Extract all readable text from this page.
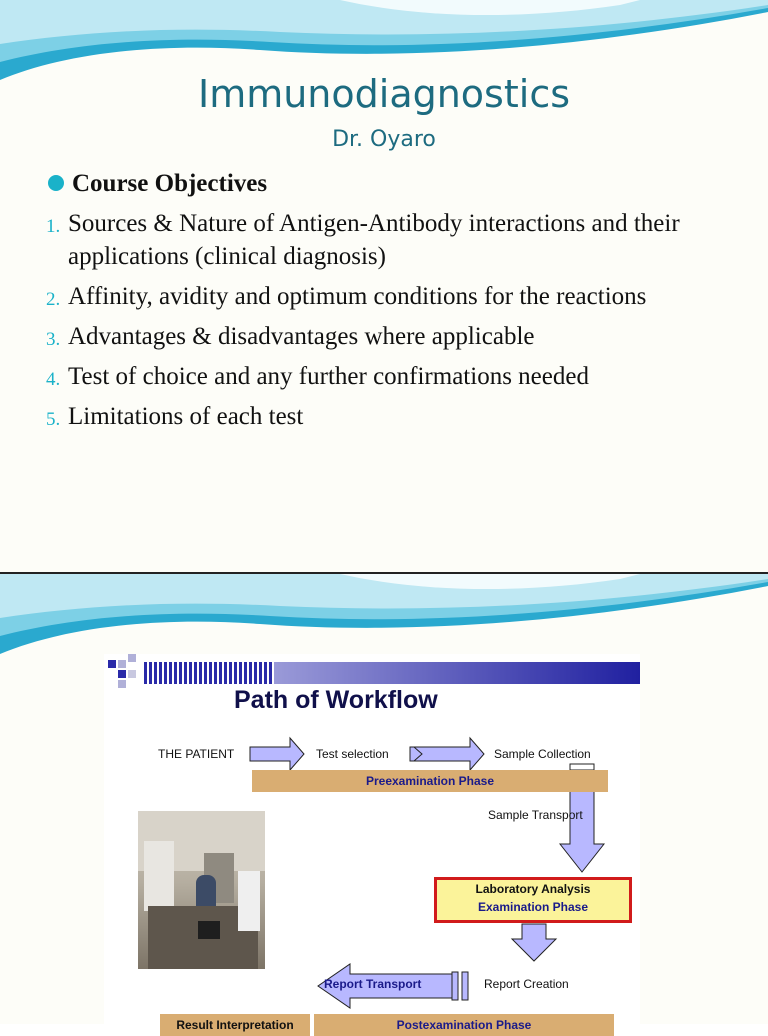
Immunodiagnostics
Dr. Oyaro
Course Objectives
1. Sources & Nature of Antigen-Antibody interactions and their applications (clinical diagnosis)
2. Affinity, avidity and optimum conditions for the reactions
3. Advantages & disadvantages where applicable
4. Test of choice and any further confirmations needed
5. Limitations of each test
Path of Workflow
THE PATIENT	Test selection	Sample Collection
Preexamination Phase
Sample Transport
Laboratory Analysis
Examination Phase
Report Transport	Report Creation
Result Interpretation	Postexamination Phase
